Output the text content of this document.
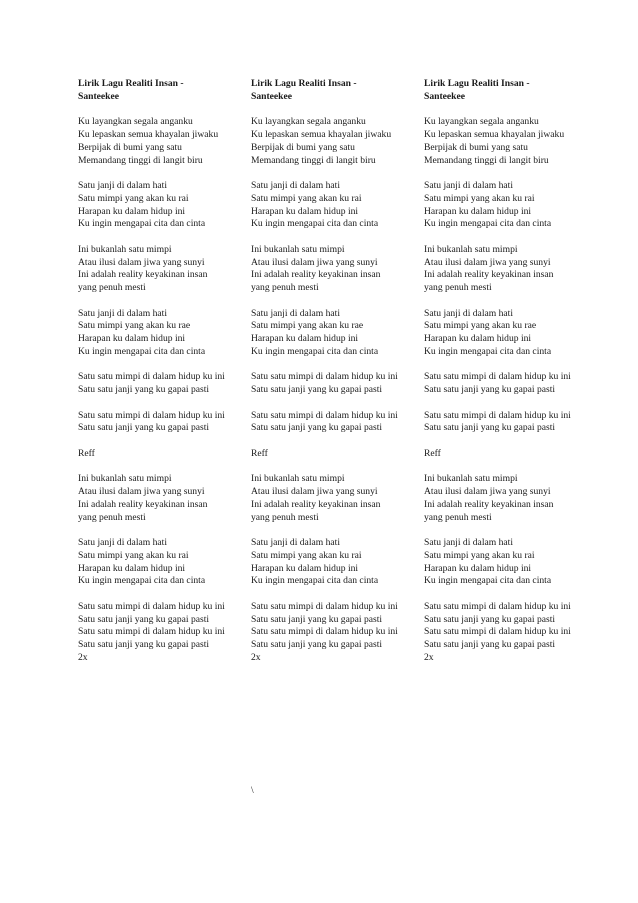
Lirik Lagu Realiti Insan -
Santeekee
Ku layangkan segala anganku
Ku lepaskan semua khayalan jiwaku
Berpijak di bumi yang satu
Memandang tinggi di langit biru
Satu janji di dalam hati
Satu mimpi yang akan ku rai
Harapan ku dalam hidup ini
Ku ingin mengapai cita dan cinta
Ini bukanlah satu mimpi
Atau ilusi dalam jiwa yang sunyi
Ini adalah reality keyakinan insan yang penuh mesti
Satu janji di dalam hati
Satu mimpi yang akan ku rae
Harapan ku dalam hidup ini
Ku ingin mengapai cita dan cinta
Satu satu mimpi di dalam hidup ku ini
Satu satu janji yang ku gapai pasti
Satu satu mimpi di dalam hidup ku ini
Satu satu janji yang ku gapai pasti
Reff
Ini bukanlah satu mimpi
Atau ilusi dalam jiwa yang sunyi
Ini adalah reality keyakinan insan yang penuh mesti
Satu janji di dalam hati
Satu mimpi yang akan ku rai
Harapan ku dalam hidup ini
Ku ingin mengapai cita dan cinta
Satu satu mimpi di dalam hidup ku ini
Satu satu janji yang ku gapai pasti
Satu satu mimpi di dalam hidup ku ini
Satu satu janji yang ku gapai pasti
2x
Lirik Lagu Realiti Insan -
Santeekee
Ku layangkan segala anganku
Ku lepaskan semua khayalan jiwaku
Berpijak di bumi yang satu
Memandang tinggi di langit biru
Satu janji di dalam hati
Satu mimpi yang akan ku rai
Harapan ku dalam hidup ini
Ku ingin mengapai cita dan cinta
Ini bukanlah satu mimpi
Atau ilusi dalam jiwa yang sunyi
Ini adalah reality keyakinan insan yang penuh mesti
Satu janji di dalam hati
Satu mimpi yang akan ku rae
Harapan ku dalam hidup ini
Ku ingin mengapai cita dan cinta
Satu satu mimpi di dalam hidup ku ini
Satu satu janji yang ku gapai pasti
Satu satu mimpi di dalam hidup ku ini
Satu satu janji yang ku gapai pasti
Reff
Ini bukanlah satu mimpi
Atau ilusi dalam jiwa yang sunyi
Ini adalah reality keyakinan insan yang penuh mesti
Satu janji di dalam hati
Satu mimpi yang akan ku rai
Harapan ku dalam hidup ini
Ku ingin mengapai cita dan cinta
Satu satu mimpi di dalam hidup ku ini
Satu satu janji yang ku gapai pasti
Satu satu mimpi di dalam hidup ku ini
Satu satu janji yang ku gapai pasti
2x
Lirik Lagu Realiti Insan -
Santeekee
Ku layangkan segala anganku
Ku lepaskan semua khayalan jiwaku
Berpijak di bumi yang satu
Memandang tinggi di langit biru
Satu janji di dalam hati
Satu mimpi yang akan ku rai
Harapan ku dalam hidup ini
Ku ingin mengapai cita dan cinta
Ini bukanlah satu mimpi
Atau ilusi dalam jiwa yang sunyi
Ini adalah reality keyakinan insan yang penuh mesti
Satu janji di dalam hati
Satu mimpi yang akan ku rae
Harapan ku dalam hidup ini
Ku ingin mengapai cita dan cinta
Satu satu mimpi di dalam hidup ku ini
Satu satu janji yang ku gapai pasti
Satu satu mimpi di dalam hidup ku ini
Satu satu janji yang ku gapai pasti
Reff
Ini bukanlah satu mimpi
Atau ilusi dalam jiwa yang sunyi
Ini adalah reality keyakinan insan yang penuh mesti
Satu janji di dalam hati
Satu mimpi yang akan ku rai
Harapan ku dalam hidup ini
Ku ingin mengapai cita dan cinta
Satu satu mimpi di dalam hidup ku ini
Satu satu janji yang ku gapai pasti
Satu satu mimpi di dalam hidup ku ini
Satu satu janji yang ku gapai pasti
2x
\
